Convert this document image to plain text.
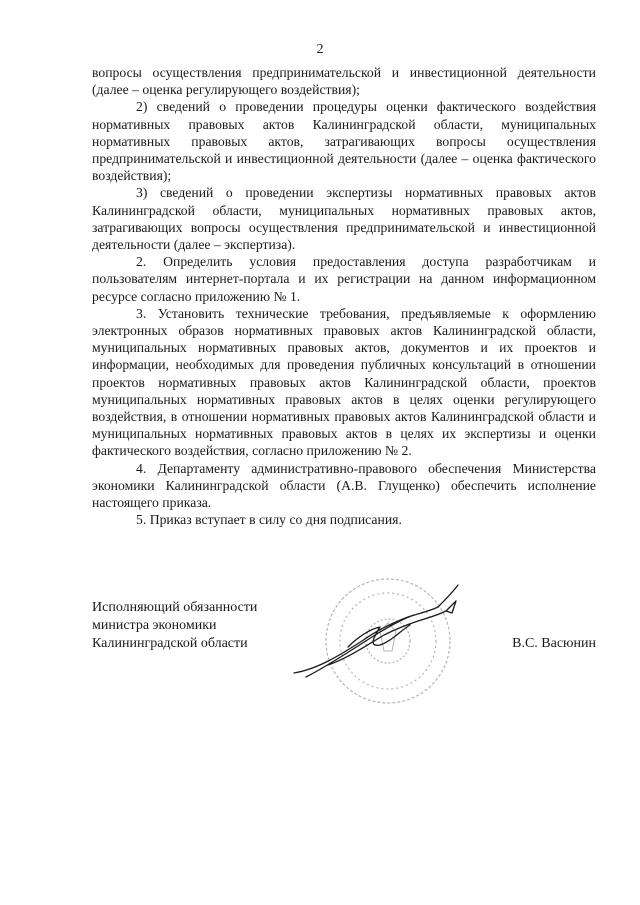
2

вопросы осуществления предпринимательской и инвестиционной деятельности (далее – оценка регулирующего воздействия);

2) сведений о проведении процедуры оценки фактического воздействия нормативных правовых актов Калининградской области, муниципальных нормативных правовых актов, затрагивающих вопросы осуществления предпринимательской и инвестиционной деятельности (далее – оценка фактического воздействия);

3) сведений о проведении экспертизы нормативных правовых актов Калининградской области, муниципальных нормативных правовых актов, затрагивающих вопросы осуществления предпринимательской и инвестиционной деятельности (далее – экспертиза).

2. Определить условия предоставления доступа разработчикам и пользователям интернет-портала и их регистрации на данном информационном ресурсе согласно приложению № 1.

3. Установить технические требования, предъявляемые к оформлению электронных образов нормативных правовых актов Калининградской области, муниципальных нормативных правовых актов, документов и их проектов и информации, необходимых для проведения публичных консультаций в отношении проектов нормативных правовых актов Калининградской области, проектов муниципальных нормативных правовых актов в целях оценки регулирующего воздействия, в отношении нормативных правовых актов Калининградской области и муниципальных нормативных правовых актов в целях их экспертизы и оценки фактического воздействия, согласно приложению № 2.

4. Департаменту административно-правового обеспечения Министерства экономики Калининградской области (А.В. Глущенко) обеспечить исполнение настоящего приказа.

5. Приказ вступает в силу со дня подписания.

Исполняющий обязанности
министра экономики
Калининградской области	В.С. Васюнин
